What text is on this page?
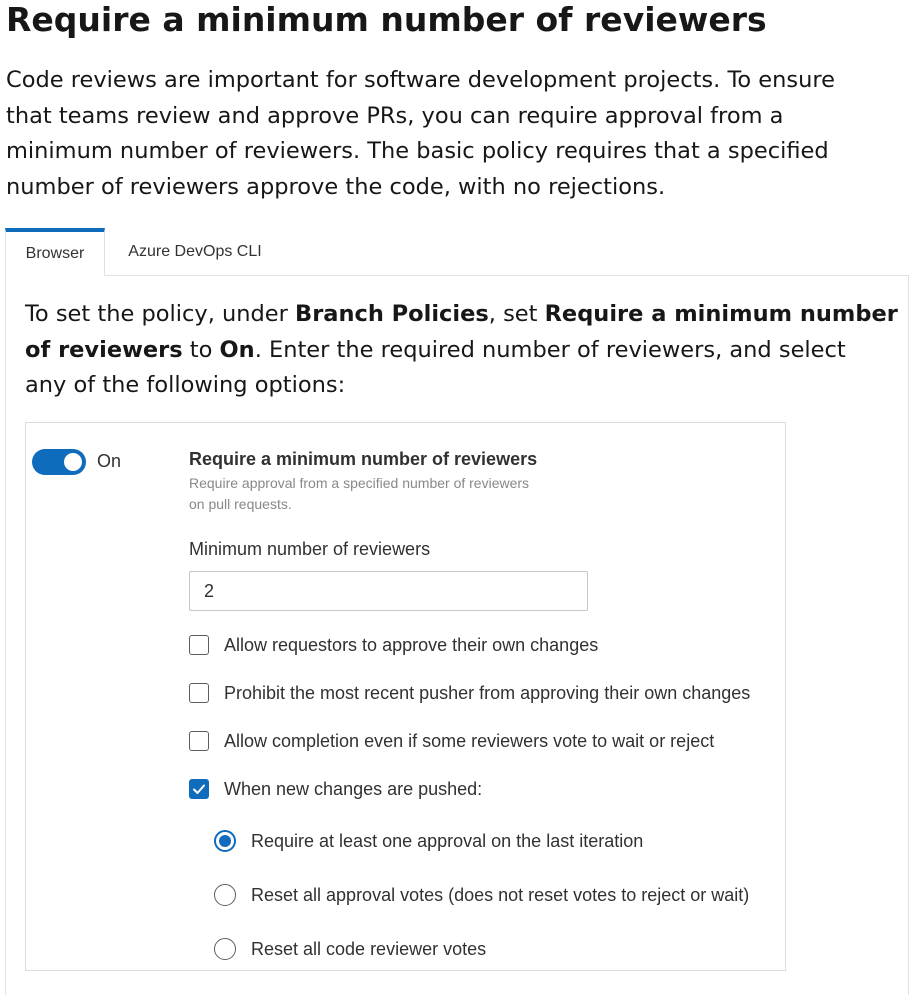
Require a minimum number of reviewers

Code reviews are important for software development projects. To ensure
that teams review and approve PRs, you can require approval from a
minimum number of reviewers. The basic policy requires that a specified
number of reviewers approve the code, with no rejections.

Browser	Azure DevOps CLI

To set the policy, under Branch Policies, set Require a minimum number
of reviewers to On. Enter the required number of reviewers, and select
any of the following options:

On	Require a minimum number of reviewers
Require approval from a specified number of reviewers
on pull requests.
Minimum number of reviewers
2
Allow requestors to approve their own changes
Prohibit the most recent pusher from approving their own changes
Allow completion even if some reviewers vote to wait or reject
When new changes are pushed:
Require at least one approval on the last iteration
Reset all approval votes (does not reset votes to reject or wait)
Reset all code reviewer votes
